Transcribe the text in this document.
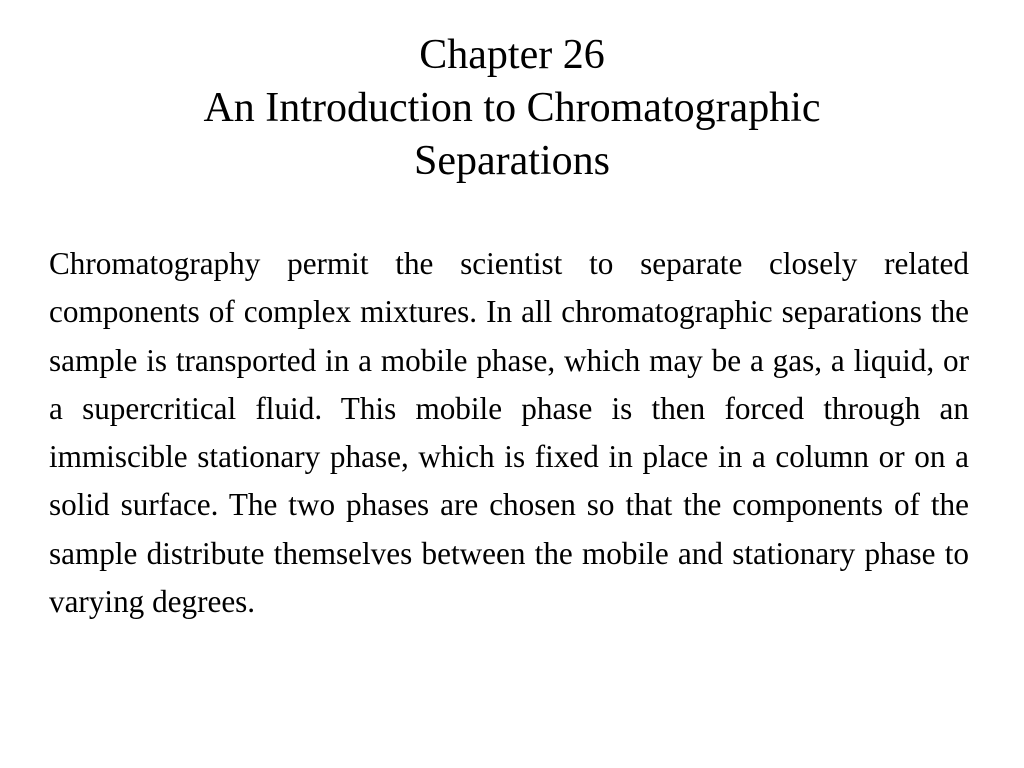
Chapter 26
An Introduction to Chromatographic
Separations

Chromatography permit the scientist to separate closely related components of complex mixtures. In all chromatographic separations the sample is transported in a mobile phase, which may be a gas, a liquid, or a supercritical fluid. This mobile phase is then forced through an immiscible stationary phase, which is fixed in place in a column or on a solid surface. The two phases are chosen so that the components of the sample distribute themselves between the mobile and stationary phase to varying degrees.
